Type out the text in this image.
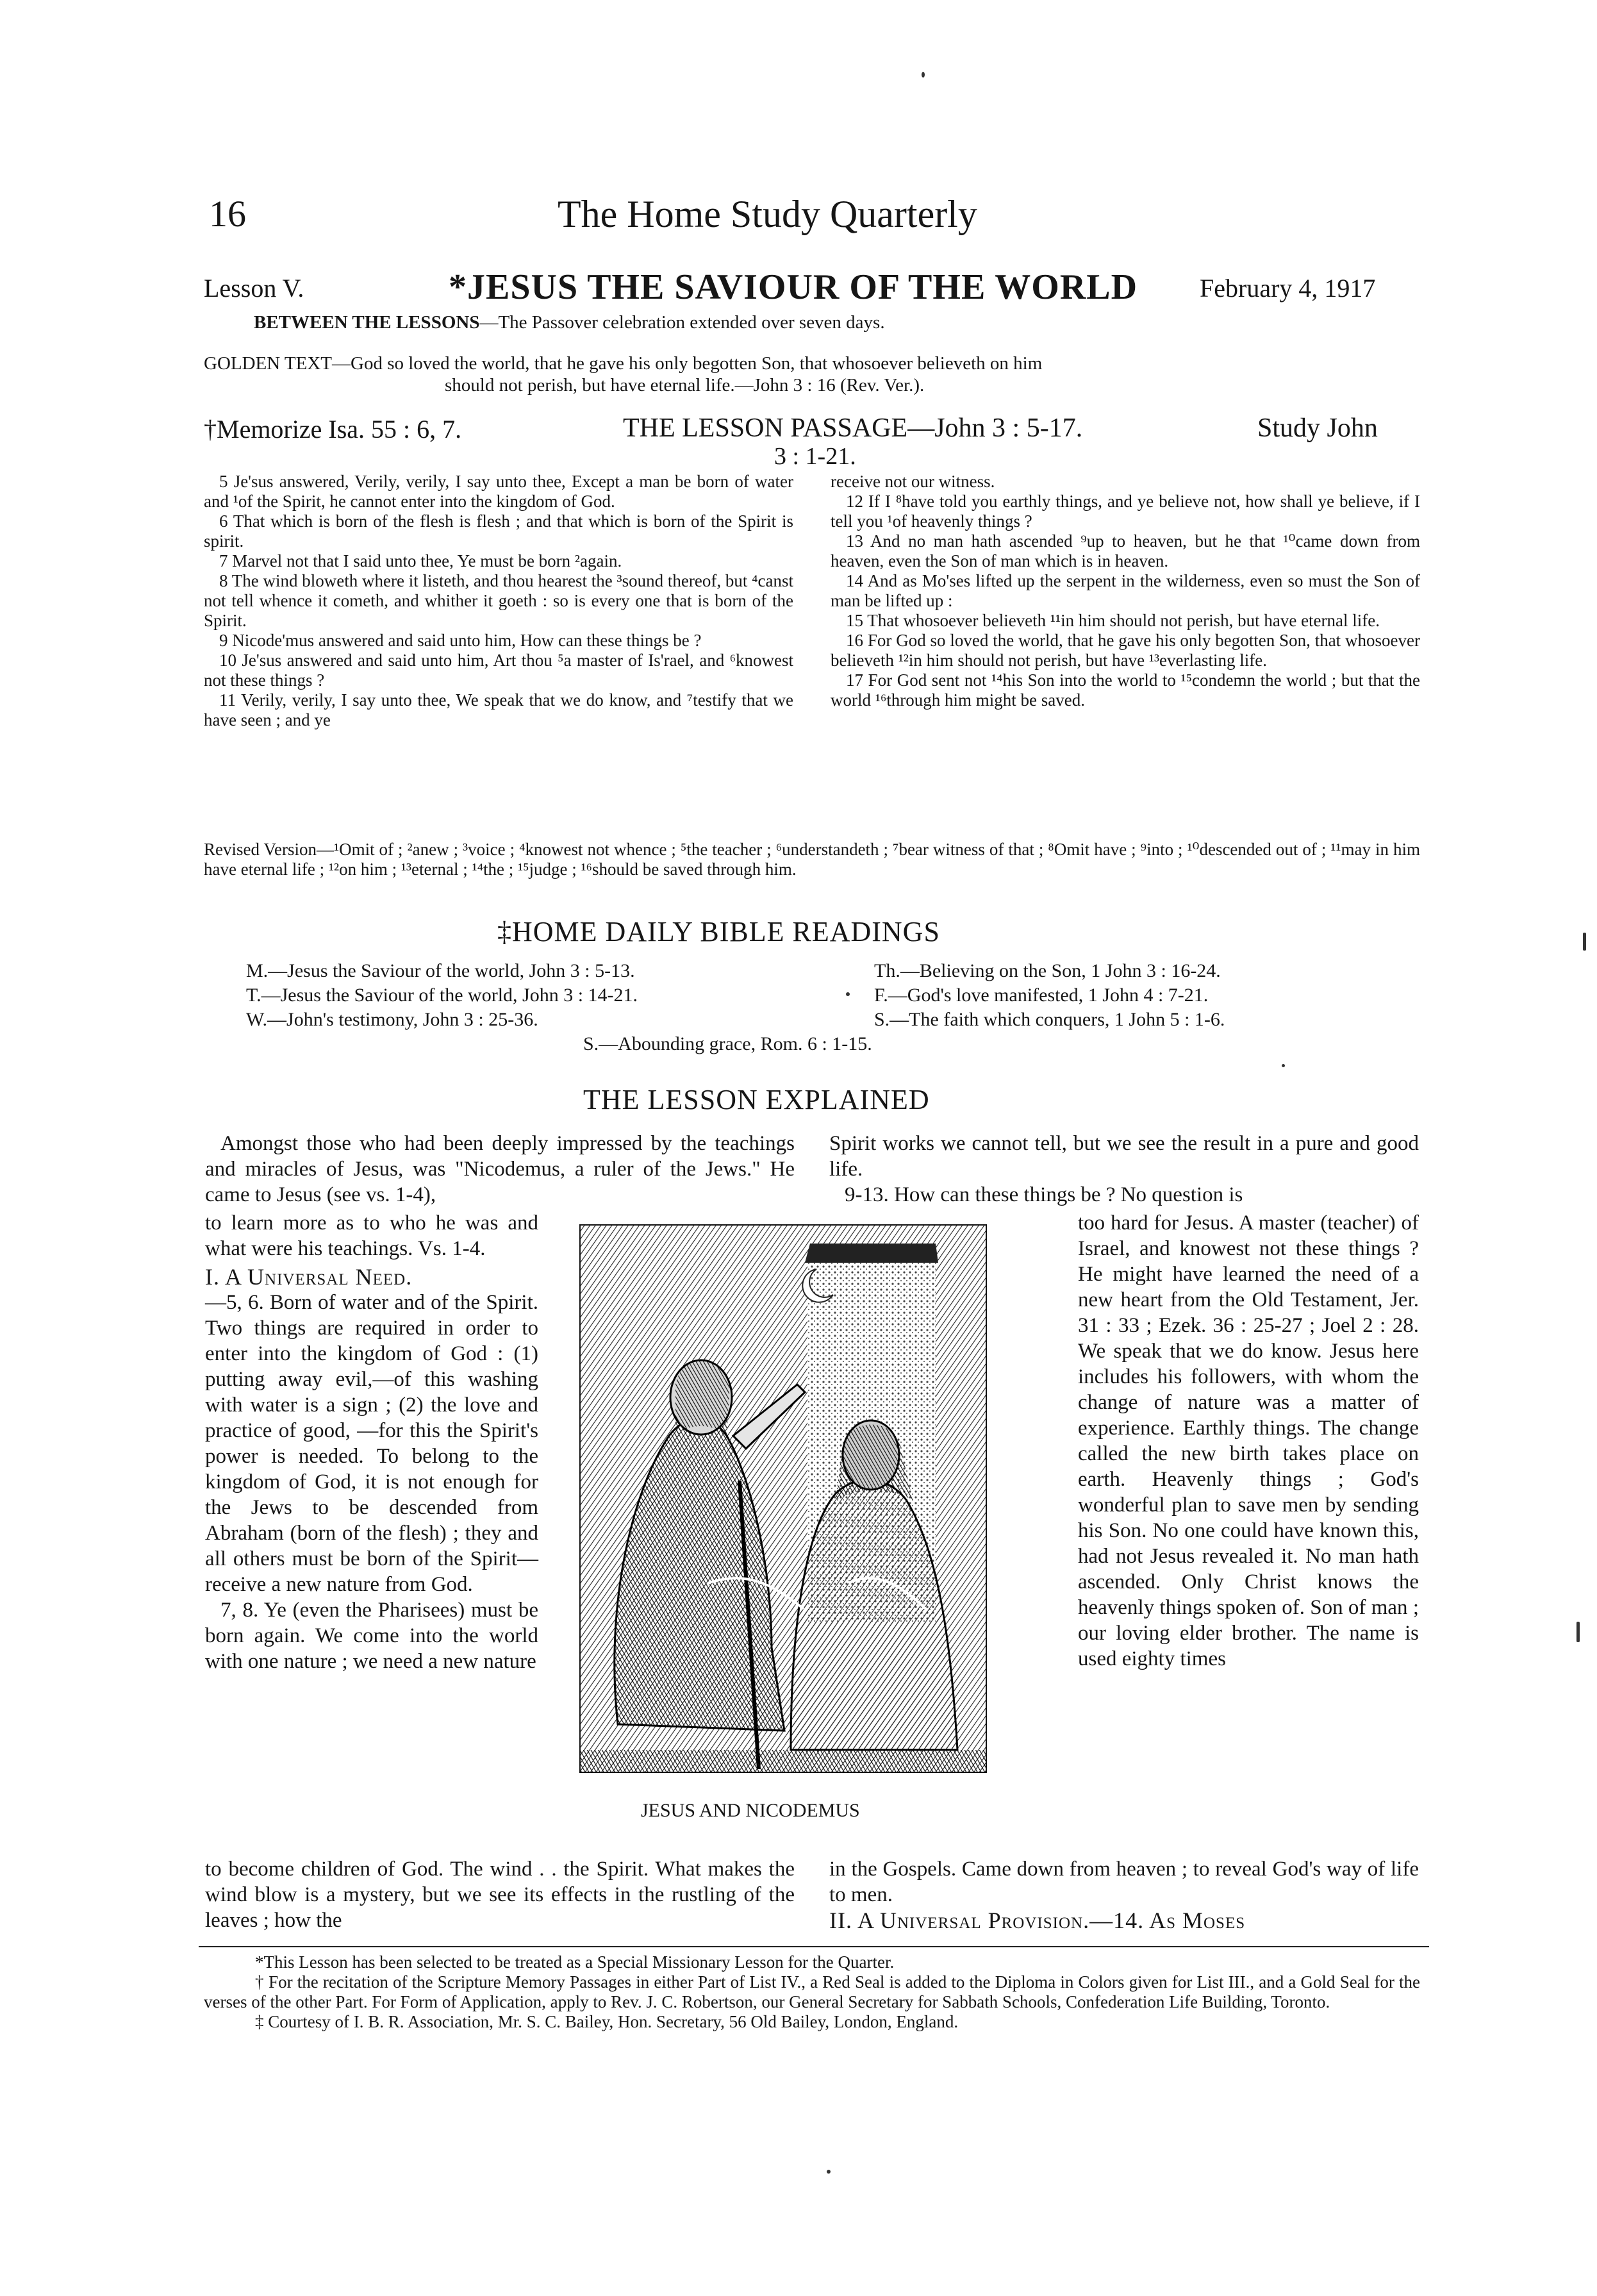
16	The Home Study Quarterly
Lesson V.	*JESUS THE SAVIOUR OF THE WORLD February 4, 1917
BETWEEN THE LESSONS—The Passover celebration extended over seven days.
GOLDEN TEXT—God so loved the world, that he gave his only begotten Son, that whosoever believeth on him
should not perish, but have eternal life.—John 3 : 16 (Rev. Ver.).
†Memorize Isa. 55 : 6, 7.	THE LESSON PASSAGE—John 3 : 5-17.	Study John
3 : 1-21.

5 Je'sus answered, Verily, verily, I say unto thee, Except a man be born of water and ¹of the Spirit, he cannot enter into the kingdom of God.

6 That which is born of the flesh is flesh ; and that which is born of the Spirit is spirit.

7 Marvel not that I said unto thee, Ye must be born ²again.

8 The wind bloweth where it listeth, and thou hearest the ³sound thereof, but ⁴canst not tell whence it cometh, and whither it goeth : so is every one that is born of the Spirit.

9 Nicode'mus answered and said unto him, How can these things be ?

10 Je'sus answered and said unto him, Art thou ⁵a master of Is'rael, and ⁶knowest not these things ?

11 Verily, verily, I say unto thee, We speak that we do know, and ⁷testify that we have seen ; and ye

receive not our witness.

12 If I ⁸have told you earthly things, and ye believe not, how shall ye believe, if I tell you ¹of heavenly things ?

13 And no man hath ascended ⁹up to heaven, but he that ¹⁰came down from heaven, even the Son of man which is in heaven.

14 And as Mo'ses lifted up the serpent in the wilderness, even so must the Son of man be lifted up :

15 That whosoever believeth ¹¹in him should not perish, but have eternal life.

16 For God so loved the world, that he gave his only begotten Son, that whosoever believeth ¹²in him should not perish, but have ¹³everlasting life.

17 For God sent not ¹⁴his Son into the world to ¹⁵condemn the world ; but that the world ¹⁶through him might be saved.

Revised Version—¹Omit of ; ²anew ; ³voice ; ⁴knowest not whence ; ⁵the teacher ; ⁶understandeth ; ⁷bear witness of that ; ⁸Omit have ; ⁹into ; ¹⁰descended out of ; ¹¹may in him have eternal life ; ¹²on him ; ¹³eternal ; ¹⁴the ; ¹⁵judge ; ¹⁶should be saved through him.
‡HOME DAILY BIBLE READINGS

M.—Jesus the Saviour of the world, John 3 : 5-13.

T.—Jesus the Saviour of the world, John 3 : 14-21.

W.—John's testimony, John 3 : 25-36.

Th.—Believing on the Son, 1 John 3 : 16-24.

F.—God's love manifested, 1 John 4 : 7-21.

S.—The faith which conquers, 1 John 5 : 1-6.

S.—Abounding grace, Rom. 6 : 1-15.
THE LESSON EXPLAINED

Amongst those who had been deeply impressed by the teachings and miracles of Jesus, was "Nicodemus, a ruler of the Jews." He came to Jesus (see vs. 1-4),

to learn more as to who he was and what were his teachings. Vs. 1-4.

I. A Universal Need.

—5, 6. Born of water and of the Spirit. Two things are required in order to enter into the kingdom of God : (1) putting away evil,—of this washing with water is a sign ; (2) the love and practice of good, —for this the Spirit's power is needed. To belong to the kingdom of God, it is not enough for the Jews to be descended from Abraham (born of the flesh) ; they and all others must be born of the Spirit— receive a new nature from God.

7, 8. Ye (even the Pharisees) must be born again. We come into the world with one nature ; we need a new nature

to become children of God. The wind . . the Spirit. What makes the wind blow is a mystery, but we see its effects in the rustling of the leaves ; how the

Spirit works we cannot tell, but we see the result in a pure and good life.

9-13. How can these things be ? No question is

too hard for Jesus. A master (teacher) of Israel, and knowest not these things ? He might have learned the need of a new heart from the Old Testament, Jer. 31 : 33 ; Ezek. 36 : 25-27 ; Joel 2 : 28. We speak that we do know. Jesus here includes his followers, with whom the change of nature was a matter of experience. Earthly things. The change called the new birth takes place on earth. Heavenly things ; God's wonderful plan to save men by sending his Son. No one could have known this, had not Jesus revealed it. No man hath ascended. Only Christ knows the heavenly things spoken of. Son of man ; our loving elder brother. The name is used eighty times

in the Gospels. Came down from heaven ; to reveal God's way of life to men.

II. A Universal Provision.—14. As Moses

JESUS AND NICODEMUS

*This Lesson has been selected to be treated as a Special Missionary Lesson for the Quarter.

† For the recitation of the Scripture Memory Passages in either Part of List IV., a Red Seal is added to the Diploma in Colors given for List III., and a Gold Seal for the verses of the other Part. For Form of Application, apply to Rev. J. C. Robertson, our General Secretary for Sabbath Schools, Confederation Life Building, Toronto.

‡ Courtesy of I. B. R. Association, Mr. S. C. Bailey, Hon. Secretary, 56 Old Bailey, London, England.
